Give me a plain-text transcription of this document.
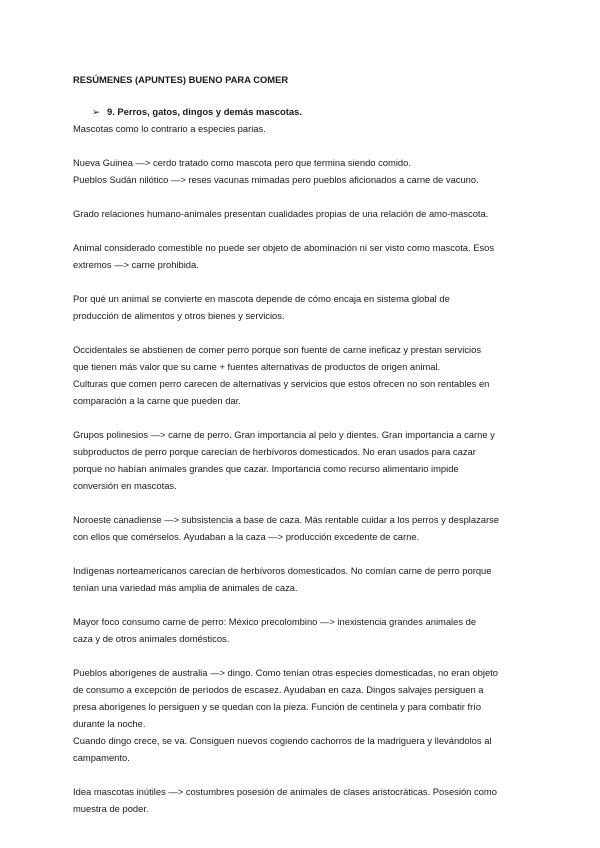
RESÚMENES (APUNTES) BUENO PARA COMER
➢ 9. Perros, gatos, dingos y demás mascotas.
Mascotas como lo contrario a especies parias.
Nueva Guinea —> cerdo tratado como mascota pero que termina siendo comido.
Pueblos Sudán nilótico —> reses vacunas mimadas pero pueblos aficionados a carne de vacuno.
Grado relaciones humano-animales presentan cualidades propias de una relación de amo-mascota.
Animal considerado comestible no puede ser objeto de abominación ni ser visto como mascota. Esos
extremos —> carne prohibida.
Por qué un animal se convierte en mascota depende de cómo encaja en sistema global de
producción de alimentos y otros bienes y servicios.
Occidentales se abstienen de comer perro porque son fuente de carne ineficaz y prestan servicios
que tienen más valor que su carne + fuentes alternativas de productos de origen animal.
Culturas que comen perro carecen de alternativas y servicios que estos ofrecen no son rentables en
comparación a la carne que pueden dar.
Grupos polinesios —> carne de perro. Gran importancia al pelo y dientes. Gran importancia a carne y
subproductos de perro porque carecían de herbívoros domesticados. No eran usados para cazar
porque no habían animales grandes que cazar. Importancia como recurso alimentario impide
conversión en mascotas.
Noroeste canadiense —> subsistencia a base de caza. Más rentable cuidar a los perros y desplazarse
con ellos que comérselos. Ayudaban a la caza —> producción excedente de carne.
Indígenas norteamericanos carecían de herbívoros domesticados. No comían carne de perro porque
tenían una variedad más amplia de animales de caza.
Mayor foco consumo carne de perro: México precolombino —> inexistencia grandes animales de
caza y de otros animales domésticos.
Pueblos aborígenes de australia —> dingo. Como tenían otras especies domesticadas, no eran objeto
de consumo a excepción de períodos de escasez. Ayudaban en caza. Dingos salvajes persiguen a
presa aborígenes lo persiguen y se quedan con la pieza. Función de centinela y para combatir frío
durante la noche.
Cuando dingo crece, se va. Consiguen nuevos cogiendo cachorros de la madriguera y llevándolos al
campamento.
Idea mascotas inútiles —> costumbres posesión de animales de clases aristocráticas. Posesión como
muestra de poder.
